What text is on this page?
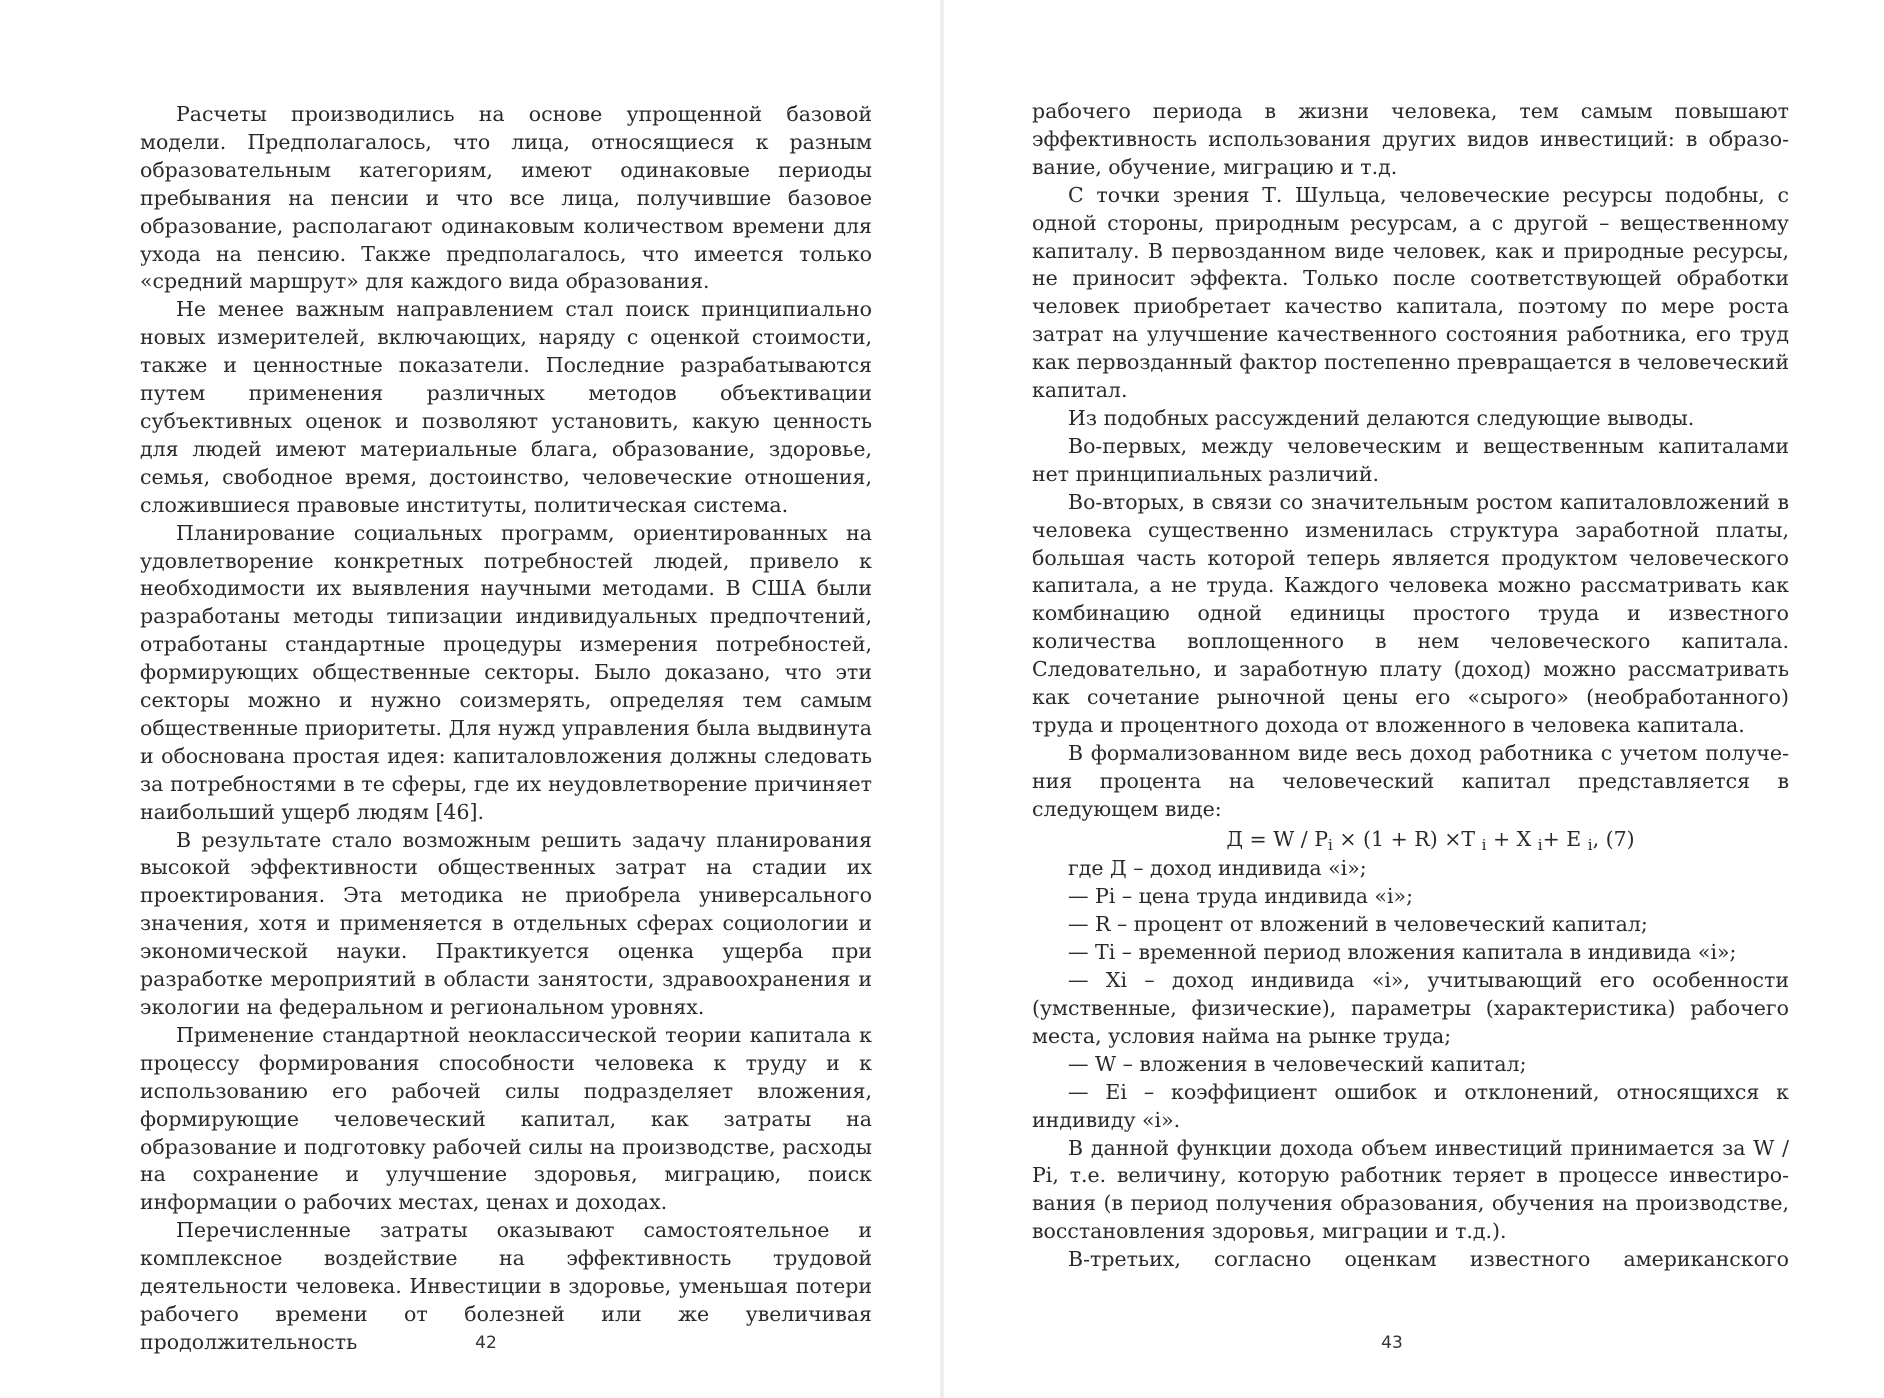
Расчеты производились на основе упрощенной базовой модели. Предполагалось, что лица, относящиеся к разным образовательным категориям, имеют одинаковые периоды пребывания на пенсии и что все лица, получившие базовое образование, располагают одинаковым количеством времени для ухода на пенсию. Также предполагалось, что имеется только «средний маршрут» для каждого вида образования.

Не менее важным направлением стал поиск принципиально новых измерителей, включающих, наряду с оценкой стоимости, также и ценностные показатели. Последние разрабатываются путем применения различных методов объективации субъективных оценок и позволяют установить, какую ценность для людей имеют материальные блага, образование, здоровье, семья, свободное время, достоинство, человеческие отношения, сложившиеся правовые институты, политическая система.

Планирование социальных программ, ориентированных на удовлетворение конкретных потребностей людей, привело к необходимости их выявления научными методами. В США были разработаны методы типизации индивидуальных предпочтений, отработаны стандартные процедуры измерения потребностей, формирующих общественные секторы. Было доказано, что эти секторы можно и нужно соизмерять, определяя тем самым общественные приоритеты. Для нужд управления была выдвинута и обоснована простая идея: капиталовложения должны следовать за потребностями в те сферы, где их неудовлетворение причиняет наибольший ущерб людям [46].

В результате стало возможным решить задачу планирования высокой эффективности общественных затрат на стадии их проектирования. Эта методика не приобрела универсального значения, хотя и применяется в отдельных сферах социологии и экономической науки. Практикуется оценка ущерба при разработке мероприятий в области занятости, здравоохранения и экологии на федеральном и региональном уровнях.

Применение стандартной неоклассической теории капитала к процессу формирования способности человека к труду и к использованию его рабочей силы подразделяет вложения, формирующие человеческий капитал, как затраты на образование и подготовку рабочей силы на производстве, расходы на сохранение и улучшение здоровья, миграцию, поиск информации о рабочих местах, ценах и доходах.

Перечисленные затраты оказывают самостоятельное и комплексное воздействие на эффективность трудовой деятельности человека. Инвестиции в здоровье, уменьшая потери рабочего времени от болезней или же увеличивая продолжительность	42

рабочего периода в жизни человека, тем самым повышают эффективность использования других видов инвестиций: в образование, обучение, миграцию и т.д.

С точки зрения Т. Шульца, человеческие ресурсы подобны, с одной стороны, природным ресурсам, а с другой – вещественному капиталу. В первозданном виде человек, как и природные ресурсы, не приносит эффекта. Только после соответствующей обработки человек приобретает качество капитала, поэтому по мере роста затрат на улучшение качественного состояния работника, его труд как первозданный фактор постепенно превращается в человеческий капитал.

Из подобных рассуждений делаются следующие выводы.

Во-первых, между человеческим и вещественным капиталами нет принципиальных различий.

Во-вторых, в связи со значительным ростом капиталовложений в человека существенно изменилась структура заработной платы, большая часть которой теперь является продуктом человеческого капитала, а не труда. Каждого человека можно рассматривать как комбинацию одной единицы простого труда и известного количества воплощенного в нем человеческого капитала. Следовательно, и заработную плату (доход) можно рассматривать как сочетание рыночной цены его «сырого» (необработанного) труда и процентного дохода от вложенного в человека капитала.

В формализованном виде весь доход работника с учетом получения процента на человеческий капитал представляется в следующем виде:

$Д = W / P_i \times (1 + R) \times T$ $_i$ + X $_i$+ E $_i$, (7)

где Д – доход индивида «i»;

— Pi – цена труда индивида «i»;

— R – процент от вложений в человеческий капитал;

— Ti – временной период вложения капитала в индивида «i»;

— Xi – доход индивида «i», учитывающий его особенности (умственные, физические), параметры (характеристика) рабочего места, условия найма на рынке труда;

— W – вложения в человеческий капитал;

— Ei – коэффициент ошибок и отклонений, относящихся к индивиду «i».

В данной функции дохода объем инвестиций принимается за W / Pi, т.е. величину, которую работник теряет в процессе инвестирования (в период получения образования, обучения на производстве, восстановления здоровья, миграции и т.д.).

В-третьих, согласно оценкам известного американского

43
